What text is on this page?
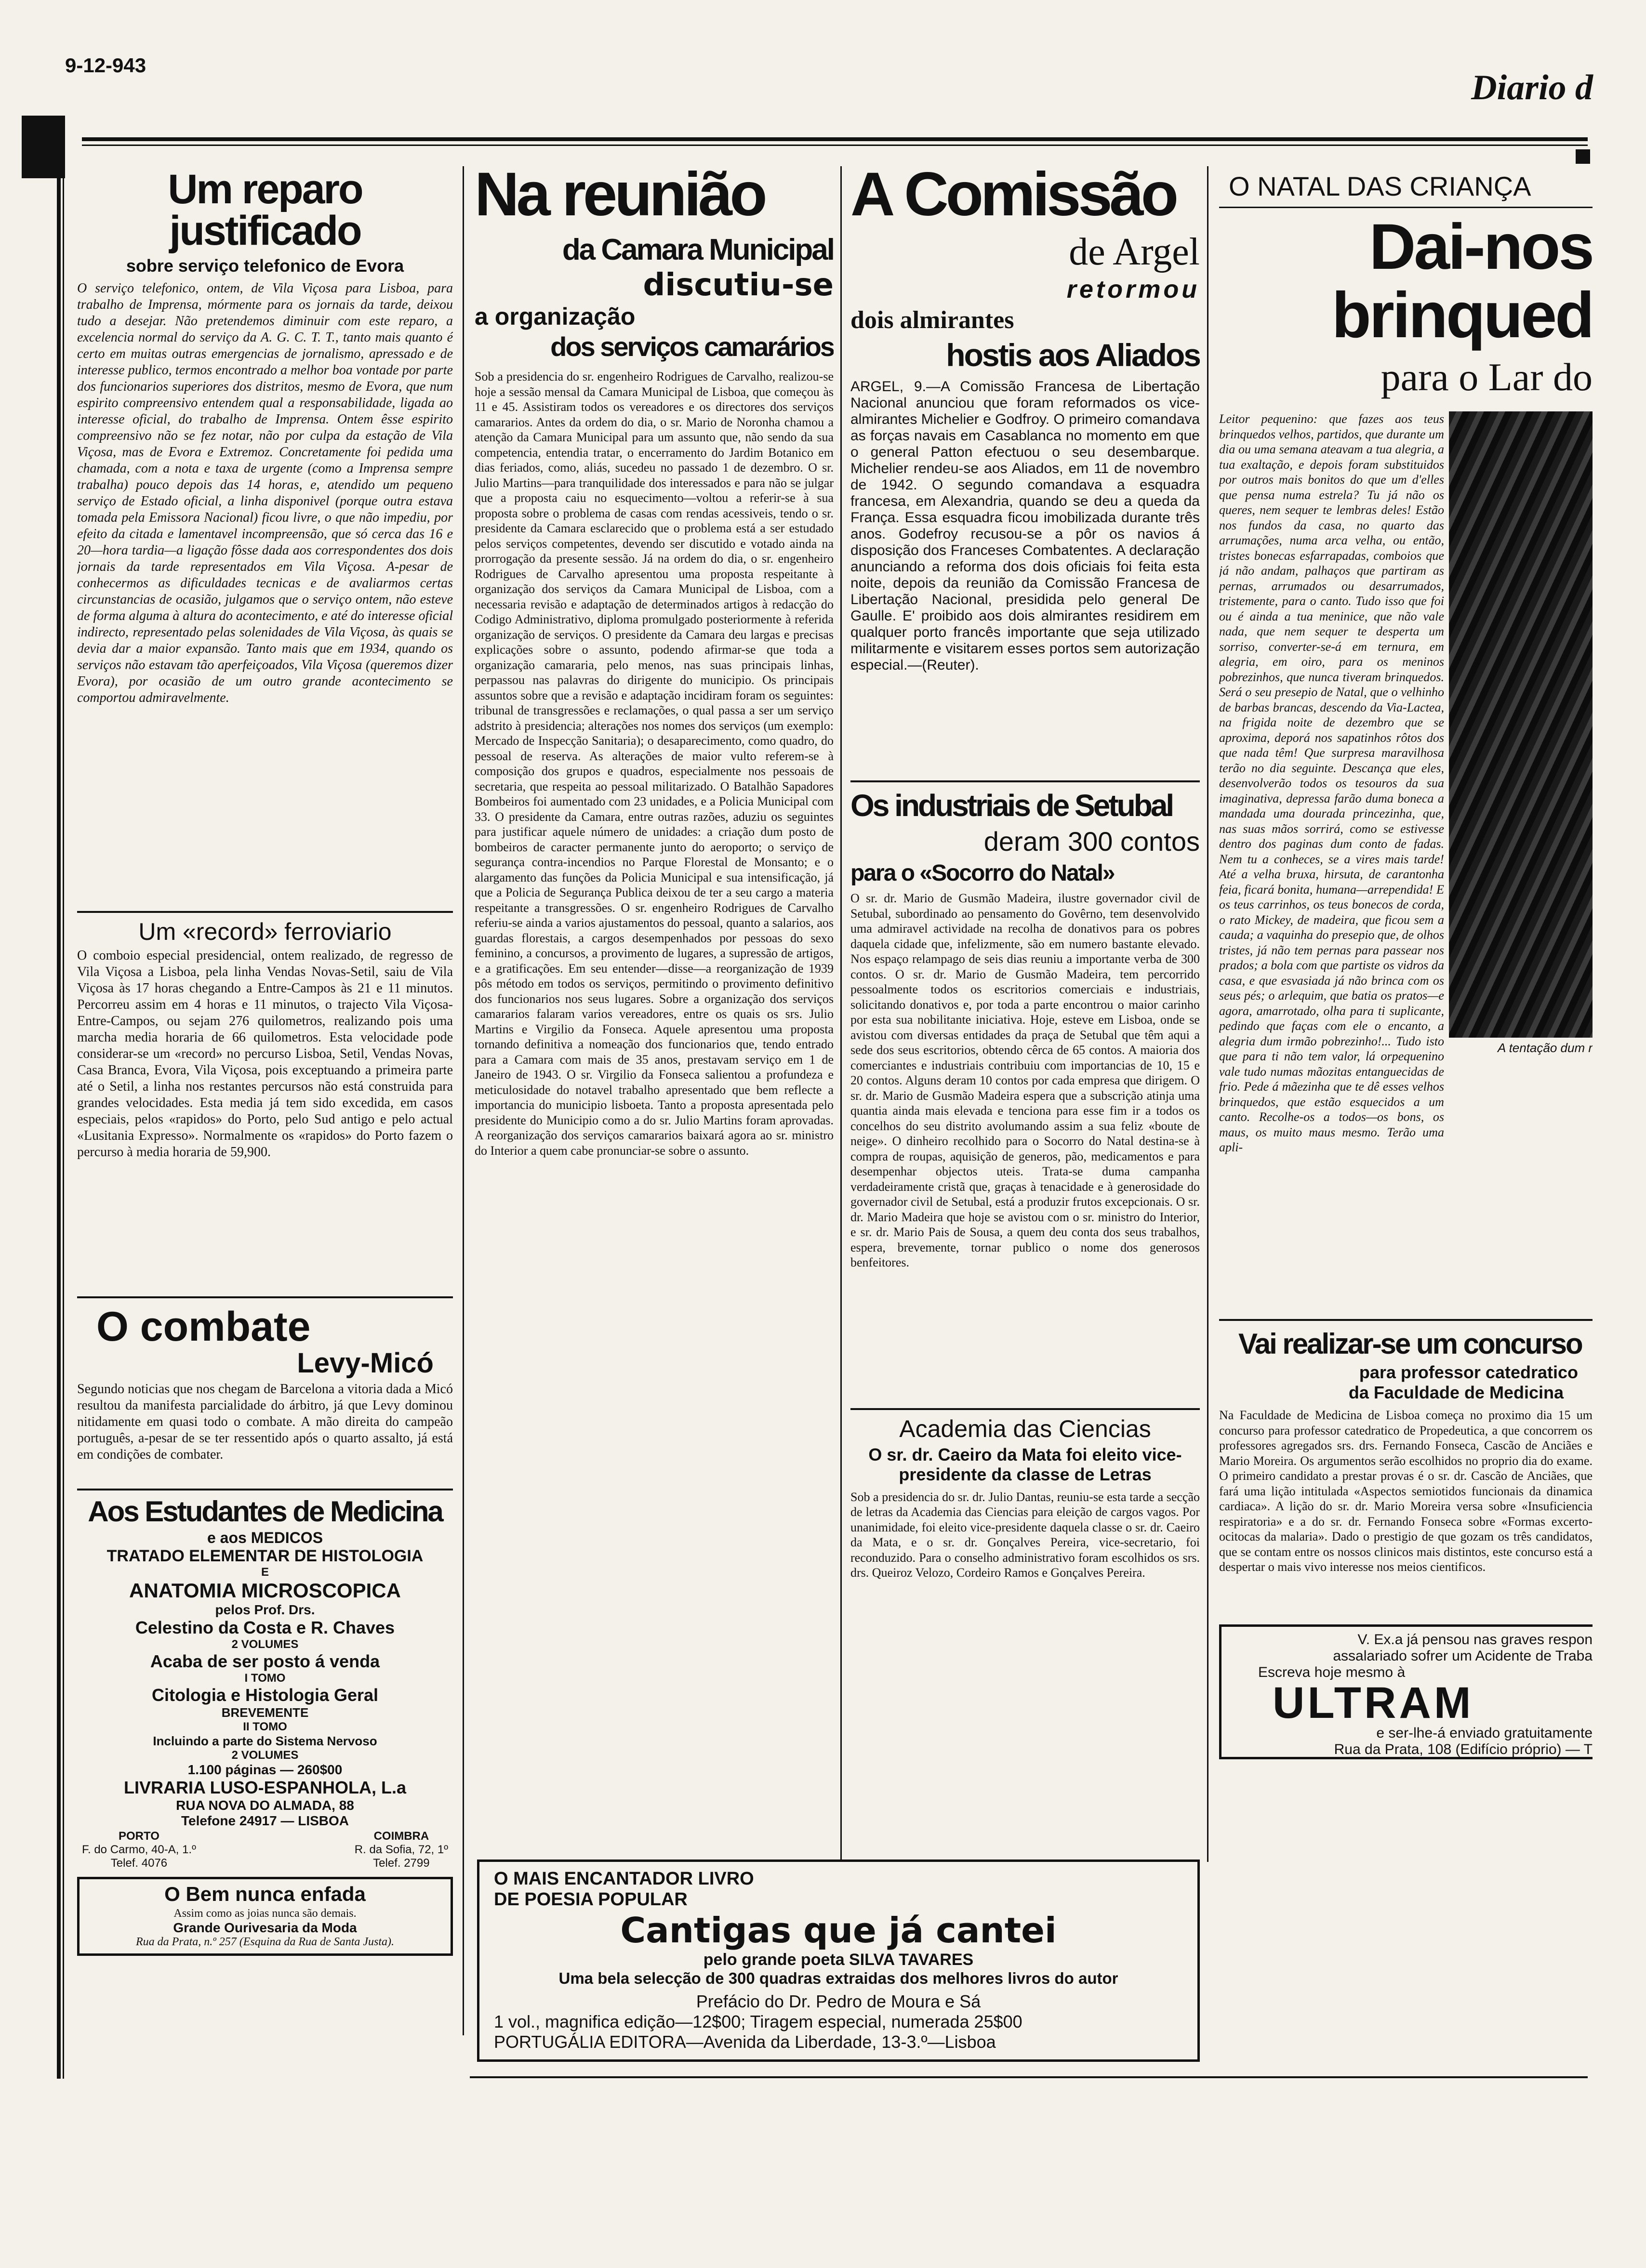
9-12-943
Diario d
Um reparo justificado
sobre serviço telefonico de Evora
O serviço telefonico, ontem, de Vila Viçosa para Lisboa, para trabalho de Imprensa, mórmente para os jornais da tarde, deixou tudo a desejar. Não pretendemos diminuir com este reparo, a excelencia normal do serviço da A. G. C. T. T., tanto mais quanto é certo em muitas outras emergencias de jornalismo, apressado e de interesse publico, termos encontrado a melhor boa vontade por parte dos funcionarios superiores dos distritos, mesmo de Evora, que num espirito compreensivo entendem qual a responsabilidade, ligada ao interesse oficial, do trabalho de Imprensa. Ontem êsse espirito compreensivo não se fez notar, não por culpa da estação de Vila Viçosa, mas de Evora e Extremoz. Concretamente foi pedida uma chamada, com a nota e taxa de urgente (como a Imprensa sempre trabalha) pouco depois das 14 horas, e, atendido um pequeno serviço de Estado oficial, a linha disponivel (porque outra estava tomada pela Emissora Nacional) ficou livre, o que não impediu, por efeito da citada e lamentavel incompreensão, que só cerca das 16 e 20—hora tardia—a ligação fôsse dada aos correspondentes dos dois jornais da tarde representados em Vila Viçosa. A-pesar de conhecermos as dificuldades tecnicas e de avaliarmos certas circunstancias de ocasião, julgamos que o serviço ontem, não esteve de forma alguma à altura do acontecimento, e até do interesse oficial indirecto, representado pelas solenidades de Vila Viçosa, às quais se devia dar a maior expansão. Tanto mais que em 1934, quando os serviços não estavam tão aperfeiçoados, Vila Viçosa (queremos dizer Evora), por ocasião de um outro grande acontecimento se comportou admiravelmente.
Um «record» ferroviario
O comboio especial presidencial, ontem realizado, de regresso de Vila Viçosa a Lisboa, pela linha Vendas Novas-Setil, saiu de Vila Viçosa às 17 horas chegando a Entre-Campos às 21 e 11 minutos. Percorreu assim em 4 horas e 11 minutos, o trajecto Vila Viçosa-Entre-Campos, ou sejam 276 quilometros, realizando pois uma marcha media horaria de 66 quilometros. Esta velocidade pode considerar-se um «record» no percurso Lisboa, Setil, Vendas Novas, Casa Branca, Evora, Vila Viçosa, pois exceptuando a primeira parte até o Setil, a linha nos restantes percursos não está construida para grandes velocidades. Esta media já tem sido excedida, em casos especiais, pelos «rapidos» do Porto, pelo Sud antigo e pelo actual «Lusitania Expresso». Normalmente os «rapidos» do Porto fazem o percurso à media horaria de 59,900.
O combate
Levy-Micó
Segundo noticias que nos chegam de Barcelona a vitoria dada a Micó resultou da manifesta parcialidade do árbitro, já que Levy dominou nitidamente em quasi todo o combate. A mão direita do campeão português, a-pesar de se ter ressentido após o quarto assalto, já está em condições de combater.
Aos Estudantes de Medicina
e aos MEDICOS
TRATADO ELEMENTAR DE HISTOLOGIA
E
ANATOMIA MICROSCOPICA
pelos Prof. Drs.
Celestino da Costa e R. Chaves
2 VOLUMES
Acaba de ser posto á venda
I TOMO
Citologia e Histologia Geral
BREVEMENTE
II TOMO
Incluindo a parte do Sistema Nervoso
2 VOLUMES
1.100 páginas — 260$00
LIVRARIA LUSO-ESPANHOLA, L.a
RUA NOVA DO ALMADA, 88
Telefone 24917 — LISBOA
PORTO
F. do Carmo, 40-A, 1.º
Telef. 4076
COIMBRA
R. da Sofia, 72, 1º
Telef. 2799
O Bem nunca enfada
Assim como as joias nunca são demais.
Grande Ourivesaria da Moda
Rua da Prata, n.º 257 (Esquina da Rua de Santa Justa).
Na reunião
da Camara Municipal
discutiu-se
a organização
dos serviços camarários
Sob a presidencia do sr. engenheiro Rodrigues de Carvalho, realizou-se hoje a sessão mensal da Camara Municipal de Lisboa, que começou às 11 e 45. Assistiram todos os vereadores e os directores dos serviços camararios. Antes da ordem do dia, o sr. Mario de Noronha chamou a atenção da Camara Municipal para um assunto que, não sendo da sua competencia, entendia tratar, o encerramento do Jardim Botanico em dias feriados, como, aliás, sucedeu no passado 1 de dezembro. O sr. Julio Martins—para tranquilidade dos interessados e para não se julgar que a proposta caiu no esquecimento—voltou a referir-se à sua proposta sobre o problema de casas com rendas acessiveis, tendo o sr. presidente da Camara esclarecido que o problema está a ser estudado pelos serviços competentes, devendo ser discutido e votado ainda na prorrogação da presente sessão. Já na ordem do dia, o sr. engenheiro Rodrigues de Carvalho apresentou uma proposta respeitante à organização dos serviços da Camara Municipal de Lisboa, com a necessaria revisão e adaptação de determinados artigos à redacção do Codigo Administrativo, diploma promulgado posteriormente à referida organização de serviços. O presidente da Camara deu largas e precisas explicações sobre o assunto, podendo afirmar-se que toda a organização camararia, pelo menos, nas suas principais linhas, perpassou nas palavras do dirigente do municipio. Os principais assuntos sobre que a revisão e adaptação incidiram foram os seguintes: tribunal de transgressões e reclamações, o qual passa a ser um serviço adstrito à presidencia; alterações nos nomes dos serviços (um exemplo: Mercado de Inspecção Sanitaria); o desaparecimento, como quadro, do pessoal de reserva. As alterações de maior vulto referem-se à composição dos grupos e quadros, especialmente nos pessoais de secretaria, que respeita ao pessoal militarizado. O Batalhão Sapadores Bombeiros foi aumentado com 23 unidades, e a Policia Municipal com 33. O presidente da Camara, entre outras razões, aduziu os seguintes para justificar aquele número de unidades: a criação dum posto de bombeiros de caracter permanente junto do aeroporto; o serviço de segurança contra-incendios no Parque Florestal de Monsanto; e o alargamento das funções da Policia Municipal e sua intensificação, já que a Policia de Segurança Publica deixou de ter a seu cargo a materia respeitante a transgressões. O sr. engenheiro Rodrigues de Carvalho referiu-se ainda a varios ajustamentos do pessoal, quanto a salarios, aos guardas florestais, a cargos desempenhados por pessoas do sexo feminino, a concursos, a provimento de lugares, a supressão de artigos, e a gratificações. Em seu entender—disse—a reorganização de 1939 pôs método em todos os serviços, permitindo o provimento definitivo dos funcionarios nos seus lugares. Sobre a organização dos serviços camararios falaram varios vereadores, entre os quais os srs. Julio Martins e Virgilio da Fonseca. Aquele apresentou uma proposta tornando definitiva a nomeação dos funcionarios que, tendo entrado para a Camara com mais de 35 anos, prestavam serviço em 1 de Janeiro de 1943. O sr. Virgilio da Fonseca salientou a profundeza e meticulosidade do notavel trabalho apresentado que bem reflecte a importancia do municipio lisboeta. Tanto a proposta apresentada pelo presidente do Municipio como a do sr. Julio Martins foram aprovadas. A reorganização dos serviços camararios baixará agora ao sr. ministro do Interior a quem cabe pronunciar-se sobre o assunto.
A Comissão
de Argel
retormou
dois almirantes
hostis aos Aliados
ARGEL, 9.—A Comissão Francesa de Libertação Nacional anunciou que foram reformados os vice-almirantes Michelier e Godfroy. O primeiro comandava as forças navais em Casablanca no momento em que o general Patton efectuou o seu desembarque. Michelier rendeu-se aos Aliados, em 11 de novembro de 1942. O segundo comandava a esquadra francesa, em Alexandria, quando se deu a queda da França. Essa esquadra ficou imobilizada durante três anos. Godefroy recusou-se a pôr os navios á disposição dos Franceses Combatentes. A declaração anunciando a reforma dos dois oficiais foi feita esta noite, depois da reunião da Comissão Francesa de Libertação Nacional, presidida pelo general De Gaulle. E' proibido aos dois almirantes residirem em qualquer porto francês importante que seja utilizado militarmente e visitarem esses portos sem autorização especial.—(Reuter).
Os industriais de Setubal
deram 300 contos
para o «Socorro do Natal»
O sr. dr. Mario de Gusmão Madeira, ilustre governador civil de Setubal, subordinado ao pensamento do Govêrno, tem desenvolvido uma admiravel actividade na recolha de donativos para os pobres daquela cidade que, infelizmente, são em numero bastante elevado. Nos espaço relampago de seis dias reuniu a importante verba de 300 contos. O sr. dr. Mario de Gusmão Madeira, tem percorrido pessoalmente todos os escritorios comerciais e industriais, solicitando donativos e, por toda a parte encontrou o maior carinho por esta sua nobilitante iniciativa. Hoje, esteve em Lisboa, onde se avistou com diversas entidades da praça de Setubal que têm aqui a sede dos seus escritorios, obtendo cêrca de 65 contos. A maioria dos comerciantes e industriais contribuiu com importancias de 10, 15 e 20 contos. Alguns deram 10 contos por cada empresa que dirigem. O sr. dr. Mario de Gusmão Madeira espera que a subscrição atinja uma quantia ainda mais elevada e tenciona para esse fim ir a todos os concelhos do seu distrito avolumando assim a sua feliz «boute de neige». O dinheiro recolhido para o Socorro do Natal destina-se à compra de roupas, aquisição de generos, pão, medicamentos e para desempenhar objectos uteis. Trata-se duma campanha verdadeiramente cristã que, graças à tenacidade e à generosidade do governador civil de Setubal, está a produzir frutos excepcionais. O sr. dr. Mario Madeira que hoje se avistou com o sr. ministro do Interior, e sr. dr. Mario Pais de Sousa, a quem deu conta dos seus trabalhos, espera, brevemente, tornar publico o nome dos generosos benfeitores.
Academia das Ciencias
O sr. dr. Caeiro da Mata foi eleito vice-presidente da classe de Letras
Sob a presidencia do sr. dr. Julio Dantas, reuniu-se esta tarde a secção de letras da Academia das Ciencias para eleição de cargos vagos. Por unanimidade, foi eleito vice-presidente daquela classe o sr. dr. Caeiro da Mata, e o sr. dr. Gonçalves Pereira, vice-secretario, foi reconduzido. Para o conselho administrativo foram escolhidos os srs. drs. Queiroz Velozo, Cordeiro Ramos e Gonçalves Pereira.
O MAIS ENCANTADOR LIVRO
DE POESIA POPULAR
Cantigas que já cantei
pelo grande poeta SILVA TAVARES
Uma bela selecção de 300 quadras extraidas dos melhores livros do autor
Prefácio do Dr. Pedro de Moura e Sá
1 vol., magnifica edição—12$00; Tiragem especial, numerada 25$00
PORTUGÁLIA EDITORA—Avenida da Liberdade, 13-3.º—Lisboa
O NATAL DAS CRIANÇA
Dai-nos
brinqued
para o Lar do
Leitor pequenino: que fazes aos teus brinquedos velhos, partidos, que durante um dia ou uma semana ateavam a tua alegria, a tua exaltação, e depois foram substituidos por outros mais bonitos do que um d'elles que pensa numa estrela? Tu já não os queres, nem sequer te lembras deles! Estão nos fundos da casa, no quarto das arrumações, numa arca velha, ou então, tristes bonecas esfarrapadas, comboios que já não andam, palhaços que partiram as pernas, arrumados ou desarrumados, tristemente, para o canto. Tudo isso que foi ou é ainda a tua meninice, que não vale nada, que nem sequer te desperta um sorriso, converter-se-á em ternura, em alegria, em oiro, para os meninos pobrezinhos, que nunca tiveram brinquedos. Será o seu presepio de Natal, que o velhinho de barbas brancas, descendo da Via-Lactea, na frigida noite de dezembro que se aproxima, deporá nos sapatinhos rôtos dos que nada têm! Que surpresa maravilhosa terão no dia seguinte. Descança que eles, desenvolverão todos os tesouros da sua imaginativa, depressa farão duma boneca a mandada uma dourada princezinha, que, nas suas mãos sorrirá, como se estivesse dentro dos paginas dum conto de fadas. Nem tu a conheces, se a vires mais tarde! Até a velha bruxa, hirsuta, de carantonha feia, ficará bonita, humana—arrependida! E os teus carrinhos, os teus bonecos de corda, o rato Mickey, de madeira, que ficou sem a cauda; a vaquinha do presepio que, de olhos tristes, já não tem pernas para passear nos prados; a bola com que partiste os vidros da casa, e que esvasiada já não brinca com os seus pés; o arlequim, que batia os pratos—e agora, amarrotado, olha para ti suplicante, pedindo que faças com ele o encanto, a alegria dum irmão pobrezinho!... Tudo isto que para ti não tem valor, lá orpequenino vale tudo numas mãozitas entanguecidas de frio. Pede á mãezinha que te dê esses velhos brinquedos, que estão esquecidos a um canto. Recolhe-os a todos—os bons, os maus, os muito maus mesmo. Terão uma apli-
A tentação dum r
Vai realizar-se um concurso
para professor catedratico
da Faculdade de Medicina
Na Faculdade de Medicina de Lisboa começa no proximo dia 15 um concurso para professor catedratico de Propedeutica, a que concorrem os professores agregados srs. drs. Fernando Fonseca, Cascão de Anciães e Mario Moreira. Os argumentos serão escolhidos no proprio dia do exame. O primeiro candidato a prestar provas é o sr. dr. Cascão de Anciães, que fará uma lição intitulada «Aspectos semiotidos funcionais da dinamica cardiaca». A lição do sr. dr. Mario Moreira versa sobre «Insuficiencia respiratoria» e a do sr. dr. Fernando Fonseca sobre «Formas excerto-ocitocas da malaria». Dado o prestigio de que gozam os três candidatos, que se contam entre os nossos clinicos mais distintos, este concurso está a despertar o mais vivo interesse nos meios cientificos.
V. Ex.a já pensou nas graves respon
assalariado sofrer um Acidente de Traba
Escreva hoje mesmo à
ULTRAM
e ser-lhe-á enviado gratuitamente
Rua da Prata, 108 (Edifício próprio) — T
